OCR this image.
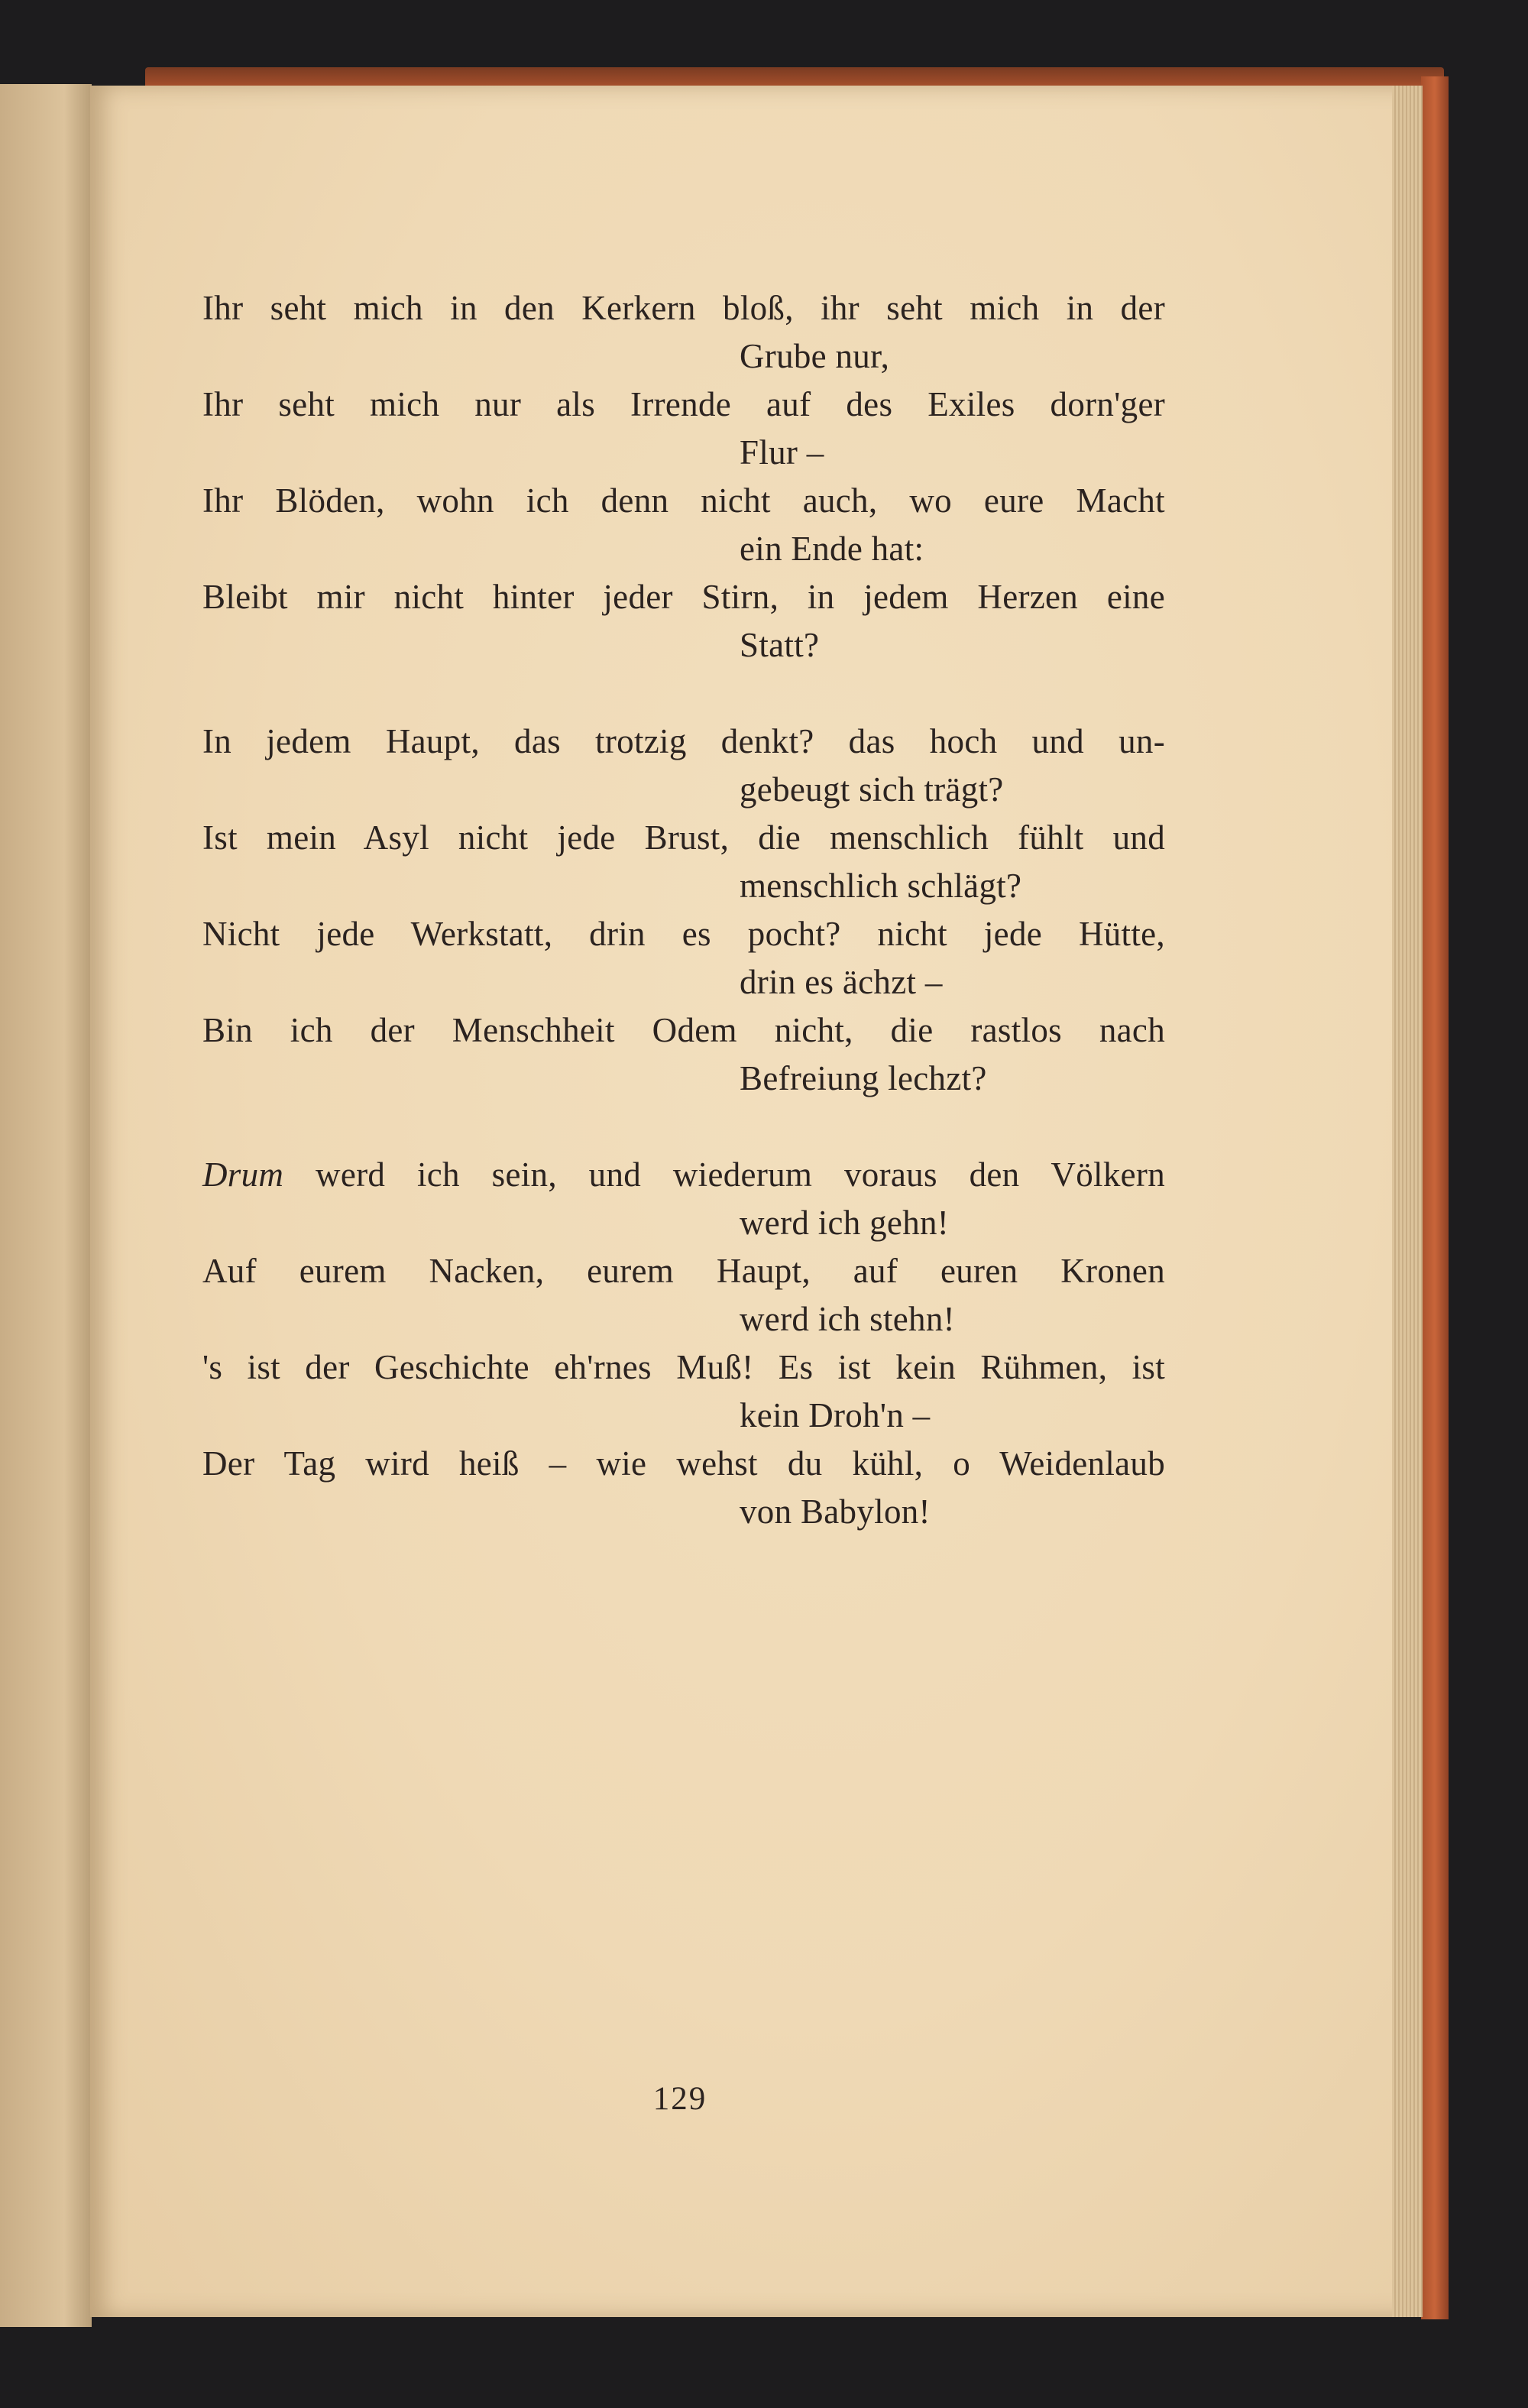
Ihr seht mich in den Kerkern bloß, ihr seht mich in der
Grube nur,
Ihr seht mich nur als Irrende auf des Exiles dorn'ger
Flur –
Ihr Blöden, wohn ich denn nicht auch, wo eure Macht
ein Ende hat:
Bleibt mir nicht hinter jeder Stirn, in jedem Herzen eine
Statt?
In jedem Haupt, das trotzig denkt? das hoch und un-
gebeugt sich trägt?
Ist mein Asyl nicht jede Brust, die menschlich fühlt und
menschlich schlägt?
Nicht jede Werkstatt, drin es pocht? nicht jede Hütte,
drin es ächzt –
Bin ich der Menschheit Odem nicht, die rastlos nach
Befreiung lechzt?
Drum werd ich sein, und wiederum voraus den Völkern
werd ich gehn!
Auf eurem Nacken, eurem Haupt, auf euren Kronen
werd ich stehn!
's ist der Geschichte eh'rnes Muß! Es ist kein Rühmen, ist
kein Droh'n –
Der Tag wird heiß – wie wehst du kühl, o Weidenlaub
von Babylon!
129
